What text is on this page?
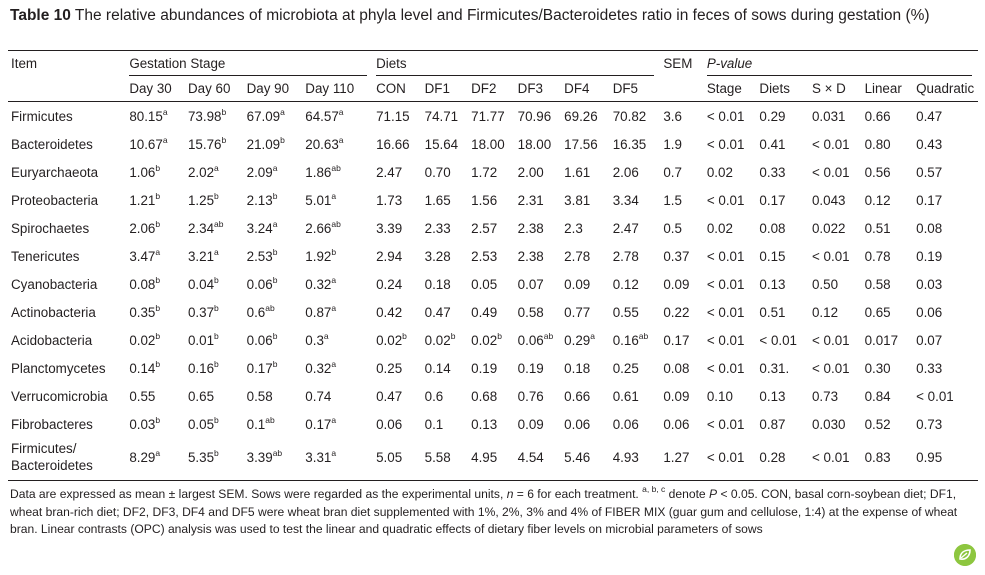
Table 10 The relative abundances of microbiota at phyla level and Firmicutes/Bacteroidetes ratio in feces of sows during gestation (%)
Item	Gestation Stage				Diets						SEM	P-value				
	Day 30	Day 60	Day 90	Day 110	CON	DF1	DF2	DF3	DF4	DF5		Stage	Diets	S × D	Linear	Quadratic
Firmicutes	80.15$^a$	73.98$^b$	67.09$^a$	64.57$^a$	71.15	74.71	71.77	70.96	69.26	70.82	3.6	< 0.01	0.29	0.031	0.66	0.47
Bacteroidetes	10.67$^a$	15.76$^b$	21.09$^b$	20.63$^a$	16.66	15.64	18.00	18.00	17.56	16.35	1.9	< 0.01	0.41	< 0.01	0.80	0.43
Euryarchaeota	1.06$^b$	2.02$^a$	2.09$^a$	1.86$^{ab}$	2.47	0.70	1.72	2.00	1.61	2.06	0.7	0.02	0.33	< 0.01	0.56	0.57
Proteobacteria	1.21$^b$	1.25$^b$	2.13$^b$	5.01$^a$	1.73	1.65	1.56	2.31	3.81	3.34	1.5	< 0.01	0.17	0.043	0.12	0.17
Spirochaetes	2.06$^b$	2.34$^{ab}$	3.24$^a$	2.66$^{ab}$	3.39	2.33	2.57	2.38	2.3	2.47	0.5	0.02	0.08	0.022	0.51	0.08
Tenericutes	3.47$^a$	3.21$^a$	2.53$^b$	1.92$^b$	2.94	3.28	2.53	2.38	2.78	2.78	0.37	< 0.01	0.15	< 0.01	0.78	0.19
Cyanobacteria	0.08$^b$	0.04$^b$	0.06$^b$	0.32$^a$	0.24	0.18	0.05	0.07	0.09	0.12	0.09	< 0.01	0.13	0.50	0.58	0.03
Actinobacteria	0.35$^b$	0.37$^b$	0.6$^{ab}$	0.87$^a$	0.42	0.47	0.49	0.58	0.77	0.55	0.22	< 0.01	0.51	0.12	0.65	0.06
Acidobacteria	0.02$^b$	0.01$^b$	0.06$^b$	0.3$^a$	0.02$^b$	0.02$^b$	0.02$^b$	0.06$^{ab}$	0.29$^a$	0.16$^{ab}$	0.17	< 0.01	< 0.01	< 0.01	0.017	0.07
Planctomycetes	0.14$^b$	0.16$^b$	0.17$^b$	0.32$^a$	0.25	0.14	0.19	0.19	0.18	0.25	0.08	< 0.01	0.31.	< 0.01	0.30	0.33
Verrucomicrobia	0.55	0.65	0.58	0.74	0.47	0.6	0.68	0.76	0.66	0.61	0.09	0.10	0.13	0.73	0.84	< 0.01
Fibrobacteres	0.03$^b$	0.05$^b$	0.1$^{ab}$	0.17$^a$	0.06	0.1	0.13	0.09	0.06	0.06	0.06	< 0.01	0.87	0.030	0.52	0.73
Firmicutes/
Bacteroidetes	8.29$^a$	5.35$^b$	3.39$^{ab}$	3.31$^a$	5.05	5.58	4.95	4.54	5.46	4.93	1.27	< 0.01	0.28	< 0.01	0.83	0.95
Data are expressed as mean ± largest SEM. Sows were regarded as the experimental units, n = 6 for each treatment. $^{a, b, c}$ denote P < 0.05. CON, basal corn-soybean diet; DF1, wheat bran-rich diet; DF2, DF3, DF4 and DF5 were wheat bran diet supplemented with 1%, 2%, 3% and 4% of FIBER MIX (guar gum and cellulose, 1:4) at the expense of wheat bran. Linear contrasts (OPC) analysis was used to test the linear and quadratic effects of dietary fiber levels on microbial parameters of sows
